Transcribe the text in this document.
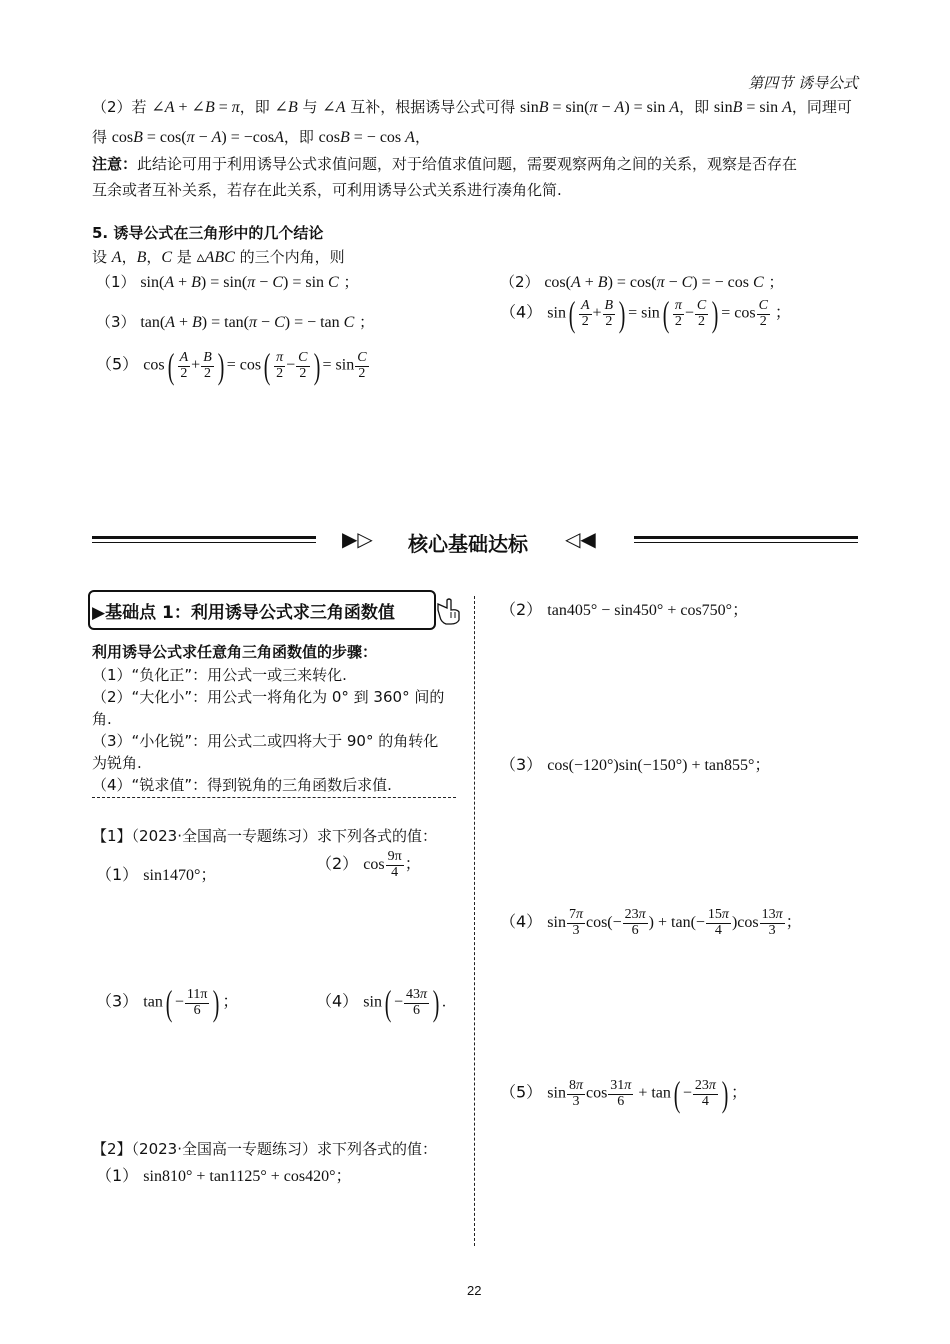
第四节 诱导公式
（2）若 ∠A + ∠B = π，即 ∠B 与 ∠A 互补，根据诱导公式可得 sinB = sin(π − A) = sin A，即 sinB = sin A，同理可
得 cosB = cos(π − A) = −cosA，即 cosB = − cos A，
注意：此结论可用于利用诱导公式求值问题，对于给值求值问题，需要观察两角之间的关系，观察是否存在
互余或者互补关系，若存在此关系，可利用诱导公式关系进行凑角化简.
5. 诱导公式在三角形中的几个结论
设 A，B，C 是 ▵ABC 的三个内角，则
（1） sin(A + B) = sin(π − C) = sin C ；	（2） cos(A + B) = cos(π − C) = − cos C ；
（3） tan(A + B) = tan(π − C) = − tan C ；
（4） $\sin( \frac{A}{2} + \frac{B}{2}$ ) = $\sin( \frac{\pi}{2} - \frac{C}{2}$ ) = $\cos \frac{C}{2}$ ；
（5） $\cos( \frac{A}{2} + \frac{B}{2}$ ) = $\cos( \frac{\pi}{2} - \frac{C}{2}$ ) = $\sin \frac{C}{2}$
▶▷ 核心基础达标 ◁◀
▶基础点 1：利用诱导公式求三角函数值
利用诱导公式求任意角三角函数值的步骤：
（1）“负化正”：用公式一或三来转化.
（2）“大化小”：用公式一将角化为 0° 到 360° 间的
角.
（3）“小化锐”：用公式二或四将大于 90° 的角转化
为锐角.
（4）“锐求值”：得到锐角的三角函数后求值.
【1】（2023·全国高一专题练习）求下列各式的值：
（1） sin1470°；
（2） $\cos \frac{9\pi}{4}$ ；
（3） $\tan( - \frac{11\pi}{6}$ ) ；	（4） $\sin( - \frac{43\pi}{6}$ ) .
【2】（2023·全国高一专题练习）求下列各式的值：
（1） sin810° + tan1125° + cos420°；
（2） tan405° − sin450° + cos750°；
（3） cos(−120°)sin(−150°) + tan855°；
（4） $\sin \frac{7\pi}{3} \cos(- \frac{23\pi}{6}$ ) + $\tan(- \frac{15\pi}{4} )\cos \frac{13\pi}{3}$ ；
（5） $\sin \frac{8\pi}{3}$ $\cos \frac{31\pi}{6} + \tan( - \frac{23\pi}{4}$ ) ；
22
